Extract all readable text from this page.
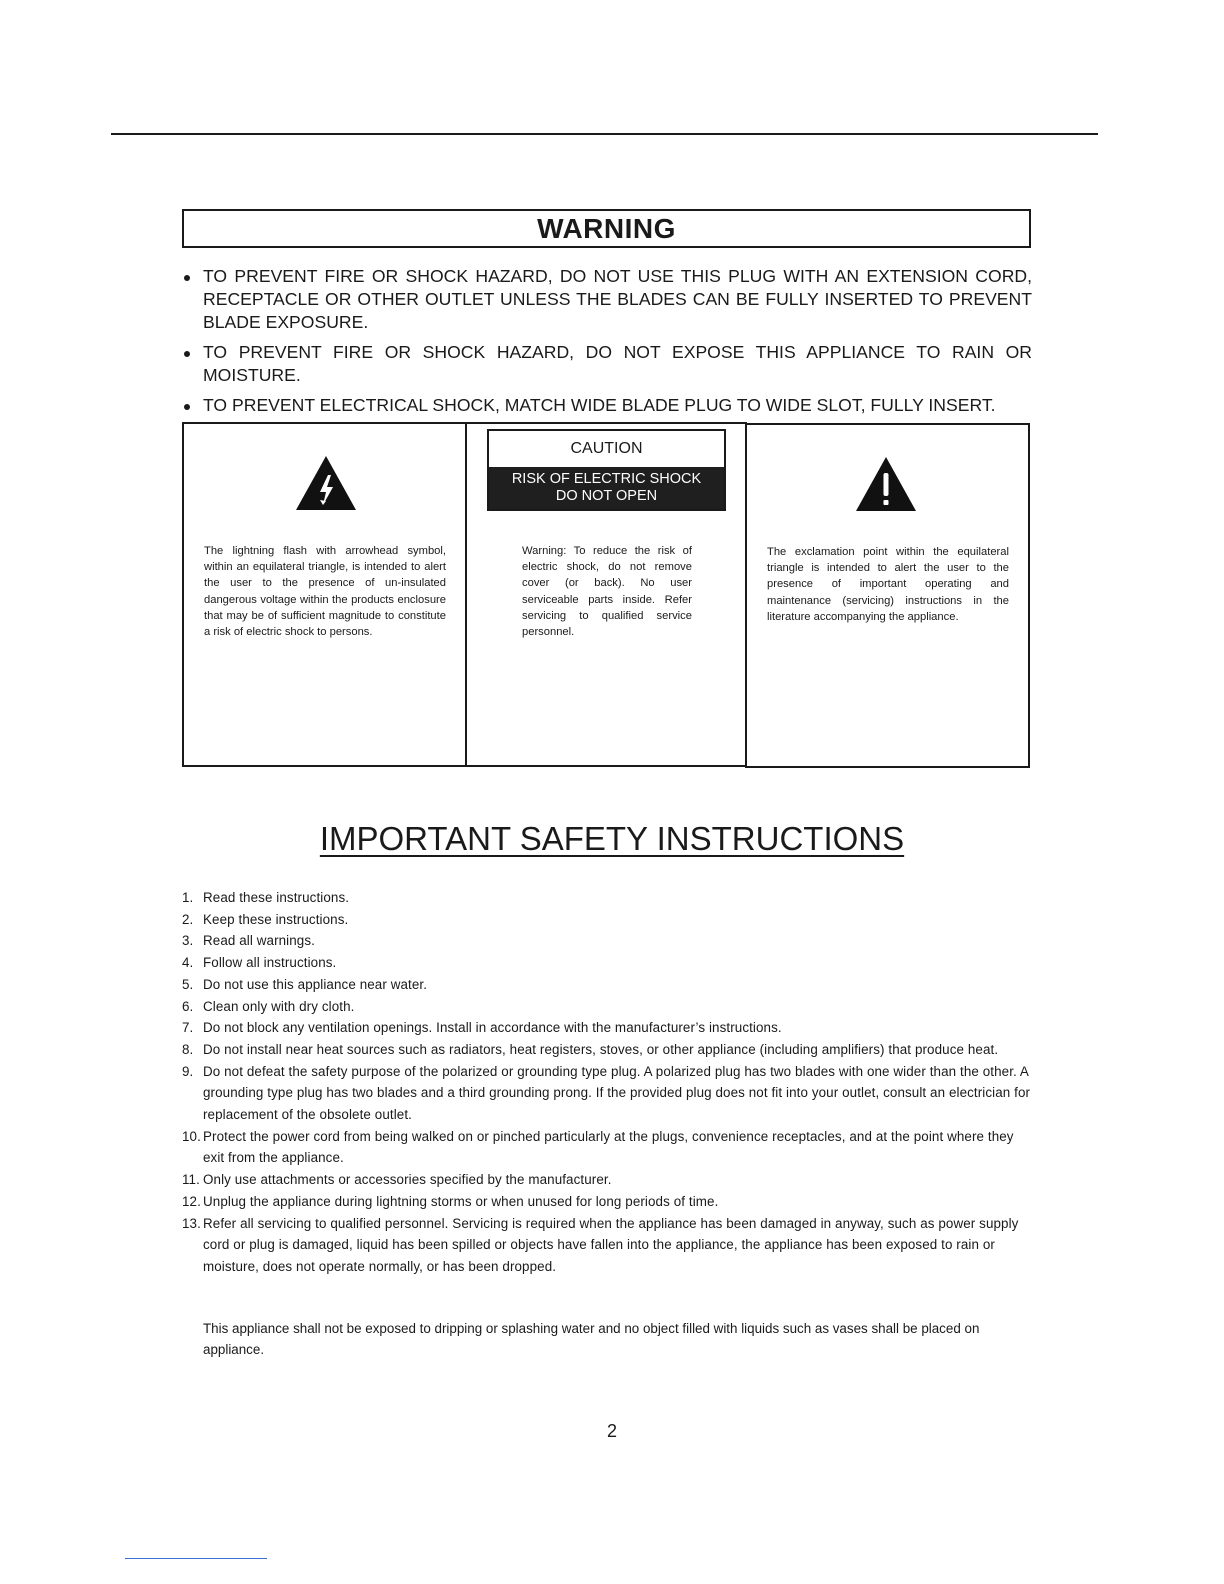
WARNING
TO PREVENT FIRE OR SHOCK HAZARD, DO NOT USE THIS PLUG WITH AN EXTENSION CORD, RECEPTACLE OR OTHER OUTLET UNLESS THE BLADES CAN BE FULLY INSERTED TO PREVENT BLADE EXPOSURE.
TO PREVENT FIRE OR SHOCK HAZARD, DO NOT EXPOSE THIS APPLIANCE TO RAIN OR MOISTURE.
TO PREVENT ELECTRICAL SHOCK, MATCH WIDE BLADE PLUG TO WIDE SLOT, FULLY INSERT.

The lightning flash with arrowhead symbol, within an equilateral triangle, is intended to alert the user to the presence of un-insulated dangerous voltage within the products enclosure that may be of sufficient magnitude to constitute a risk of electric shock to persons.

CAUTION
RISK OF ELECTRIC SHOCK
DO NOT OPEN

Warning: To reduce the risk of electric shock, do not remove cover (or back). No user serviceable parts inside. Refer servicing to qualified service personnel.

The exclamation point within the equilateral triangle is intended to alert the user to the presence of important operating and maintenance (servicing) instructions in the literature accompanying the appliance.

IMPORTANT SAFETY INSTRUCTIONS
1. Read these instructions.
2. Keep these instructions.
3. Read all warnings.
4. Follow all instructions.
5. Do not use this appliance near water.
6. Clean only with dry cloth.
7. Do not block any ventilation openings. Install in accordance with the manufacturer’s instructions.
8. Do not install near heat sources such as radiators, heat registers, stoves, or other appliance (including amplifiers) that produce heat.
9. Do not defeat the safety purpose of the polarized or grounding type plug. A polarized plug has two blades with one wider than the other. A grounding type plug has two blades and a third grounding prong. If the provided plug does not fit into your outlet, consult an electrician for replacement of the obsolete outlet.
10. Protect the power cord from being walked on or pinched particularly at the plugs, convenience receptacles, and at the point where they exit from the appliance.
11. Only use attachments or accessories specified by the manufacturer.
12. Unplug the appliance during lightning storms or when unused for long periods of time.
13. Refer all servicing to qualified personnel. Servicing is required when the appliance has been damaged in anyway, such as power supply cord or plug is damaged, liquid has been spilled or objects have fallen into the appliance, the appliance has been exposed to rain or moisture, does not operate normally, or has been dropped.

This appliance shall not be exposed to dripping or splashing water and no object filled with liquids such as vases shall be placed on appliance.

2
